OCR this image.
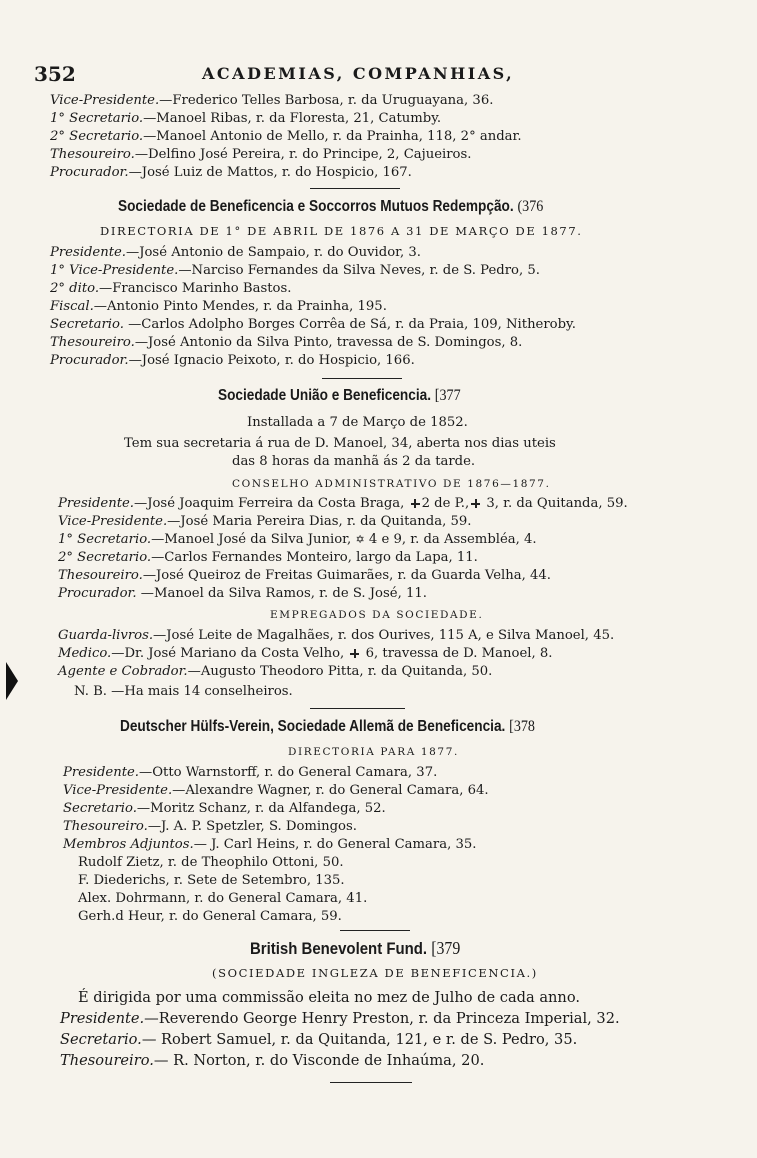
352	ACADEMIAS, COMPANHIAS,
Vice-Presidente.—Frederico Telles Barbosa, r. da Uruguayana, 36.
1° Secretario.—Manoel Ribas, r. da Floresta, 21, Catumby.
2° Secretario.—Manoel Antonio de Mello, r. da Prainha, 118, 2° andar.
Thesoureiro.—Delfino José Pereira, r. do Principe, 2, Cajueiros.
Procurador.—José Luiz de Mattos, r. do Hospicio, 167.
Sociedade de Beneficencia e Soccorros Mutuos Redempção. (376
DIRECTORIA DE 1° DE ABRIL DE 1876 A 31 DE MARÇO DE 1877.
Presidente.—José Antonio de Sampaio, r. do Ouvidor, 3.
1° Vice-Presidente.—Narciso Fernandes da Silva Neves, r. de S. Pedro, 5.
2° dito.—Francisco Marinho Bastos.
Fiscal.—Antonio Pinto Mendes, r. da Prainha, 195.
Secretario. —Carlos Adolpho Borges Corrêa de Sá, r. da Praia, 109, Nitheroby.
Thesoureiro.—José Antonio da Silva Pinto, travessa de S. Domingos, 8.
Procurador.—José Ignacio Peixoto, r. do Hospicio, 166.
Sociedade União e Beneficencia. [377
Installada a 7 de Março de 1852.
Tem sua secretaria á rua de D. Manoel, 34, aberta nos dias uteis
das 8 horas da manhã ás 2 da tarde.
CONSELHO ADMINISTRATIVO DE 1876—1877.
Presidente.—José Joaquim Ferreira da Costa Braga, 2 de P., 3, r. da Quitanda, 59.
Vice-Presidente.—José Maria Pereira Dias, r. da Quitanda, 59.
1° Secretario.—Manoel José da Silva Junior, ✡ 4 e 9, r. da Assembléa, 4.
2° Secretario.—Carlos Fernandes Monteiro, largo da Lapa, 11.
Thesoureiro.—José Queiroz de Freitas Guimarães, r. da Guarda Velha, 44.
Procurador. —Manoel da Silva Ramos, r. de S. José, 11.
EMPREGADOS DA SOCIEDADE.
Guarda-livros.—José Leite de Magalhães, r. dos Ourives, 115 A, e Silva Manoel, 45.
Medico.—Dr. José Mariano da Costa Velho, 6, travessa de D. Manoel, 8.
Agente e Cobrador.—Augusto Theodoro Pitta, r. da Quitanda, 50.
N. B. —Ha mais 14 conselheiros.
Deutscher Hülfs-Verein, Sociedade Allemã de Beneficencia. [378
DIRECTORIA PARA 1877.
Presidente.—Otto Warnstorff, r. do General Camara, 37.
Vice-Presidente.—Alexandre Wagner, r. do General Camara, 64.
Secretario.—Moritz Schanz, r. da Alfandega, 52.
Thesoureiro.—J. A. P. Spetzler, S. Domingos.
Membros Adjuntos.— J. Carl Heins, r. do General Camara, 35.
Rudolf Zietz, r. de Theophilo Ottoni, 50.
F. Diederichs, r. Sete de Setembro, 135.
Alex. Dohrmann, r. do General Camara, 41.
Gerh.d Heur, r. do General Camara, 59.
British Benevolent Fund. [379
(SOCIEDADE INGLEZA DE BENEFICENCIA.)
É dirigida por uma commissão eleita no mez de Julho de cada anno.
Presidente.—Reverendo George Henry Preston, r. da Princeza Imperial, 32.
Secretario.— Robert Samuel, r. da Quitanda, 121, e r. de S. Pedro, 35.
Thesoureiro.— R. Norton, r. do Visconde de Inhaúma, 20.
